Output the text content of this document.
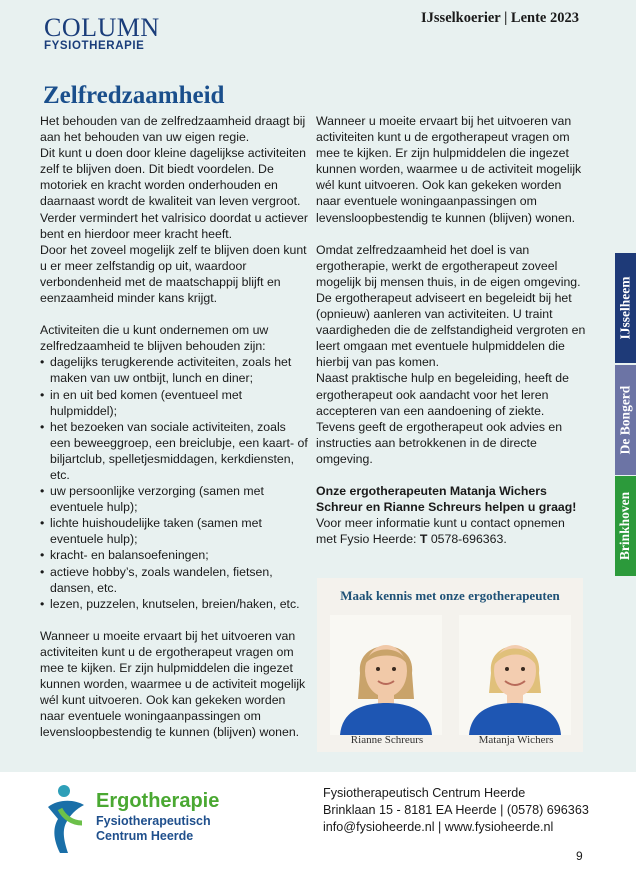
COLUMN
FYSIOTHERAPIE
IJsselkoerier | Lente 2023
Zelfredzaamheid

Het behouden van de zelfredzaamheid draagt bij aan het behouden van uw eigen regie.

Dit kunt u doen door kleine dagelijkse activiteiten zelf te blijven doen. Dit biedt voordelen. De motoriek en kracht worden onderhouden en daarnaast wordt de kwaliteit van leven vergroot. Verder vermindert het valrisico doordat u actiever bent en hierdoor meer kracht heeft.

Door het zoveel mogelijk zelf te blijven doen kunt u er meer zelfstandig op uit, waardoor verbondenheid met de maatschappij blijft en eenzaamheid minder kans krijgt.

Activiteiten die u kunt ondernemen om uw zelfredzaamheid te blijven behouden zijn:

• dagelijks terugkerende activiteiten, zoals het maken van uw ontbijt, lunch en diner;
• in en uit bed komen (eventueel met hulpmiddel);
• het bezoeken van sociale activiteiten, zoals een beweeggroep, een breiclubje, een kaart- of biljartclub, spelletjesmiddagen, kerkdiensten, etc.
• uw persoonlijke verzorging (samen met eventuele hulp);
• lichte huishoudelijke taken (samen met eventuele hulp);
• kracht- en balansoefeningen;
• actieve hobby’s, zoals wandelen, fietsen, dansen, etc.
• lezen, puzzelen, knutselen, breien/haken, etc.

Wanneer u moeite ervaart bij het uitvoeren van activiteiten kunt u de ergotherapeut vragen om mee te kijken. Er zijn hulpmiddelen die ingezet kunnen worden, waarmee u de activiteit mogelijk wél kunt uitvoeren. Ook kan gekeken worden naar eventuele woningaanpassingen om levensloopbestendig te kunnen (blijven) wonen.

Wanneer u moeite ervaart bij het uitvoeren van activiteiten kunt u de ergotherapeut vragen om mee te kijken. Er zijn hulpmiddelen die ingezet kunnen worden, waarmee u de activiteit mogelijk wél kunt uitvoeren. Ook kan gekeken worden naar eventuele woningaanpassingen om levensloopbestendig te kunnen (blijven) wonen.

Omdat zelfredzaamheid het doel is van ergotherapie, werkt de ergotherapeut zoveel mogelijk bij mensen thuis, in de eigen omgeving.

De ergotherapeut adviseert en begeleidt bij het (opnieuw) aanleren van activiteiten. U traint vaardigheden die de zelfstandigheid vergroten en leert omgaan met eventuele hulpmiddelen die hierbij van pas komen.

Naast praktische hulp en begeleiding, heeft de ergotherapeut ook aandacht voor het leren accepteren van een aandoening of ziekte.

Tevens geeft de ergotherapeut ook advies en instructies aan betrokkenen in de directe omgeving.

Onze ergotherapeuten Matanja Wichers Schreur en Rianne Schreurs helpen u graag!

Voor meer informatie kunt u contact opnemen met Fysio Heerde: T 0578-696363.

IJsselheem
De Bongerd
Brinkhoven
Maak kennis met onze ergotherapeuten
Rianne Schreurs	Matanja Wichers
Ergotherapie
Fysiotherapeutisch
Centrum Heerde
Fysiotherapeutisch Centrum Heerde
Brinklaan 15 - 8181 EA Heerde | (0578) 696363
info@fysioheerde.nl | www.fysioheerde.nl
9
